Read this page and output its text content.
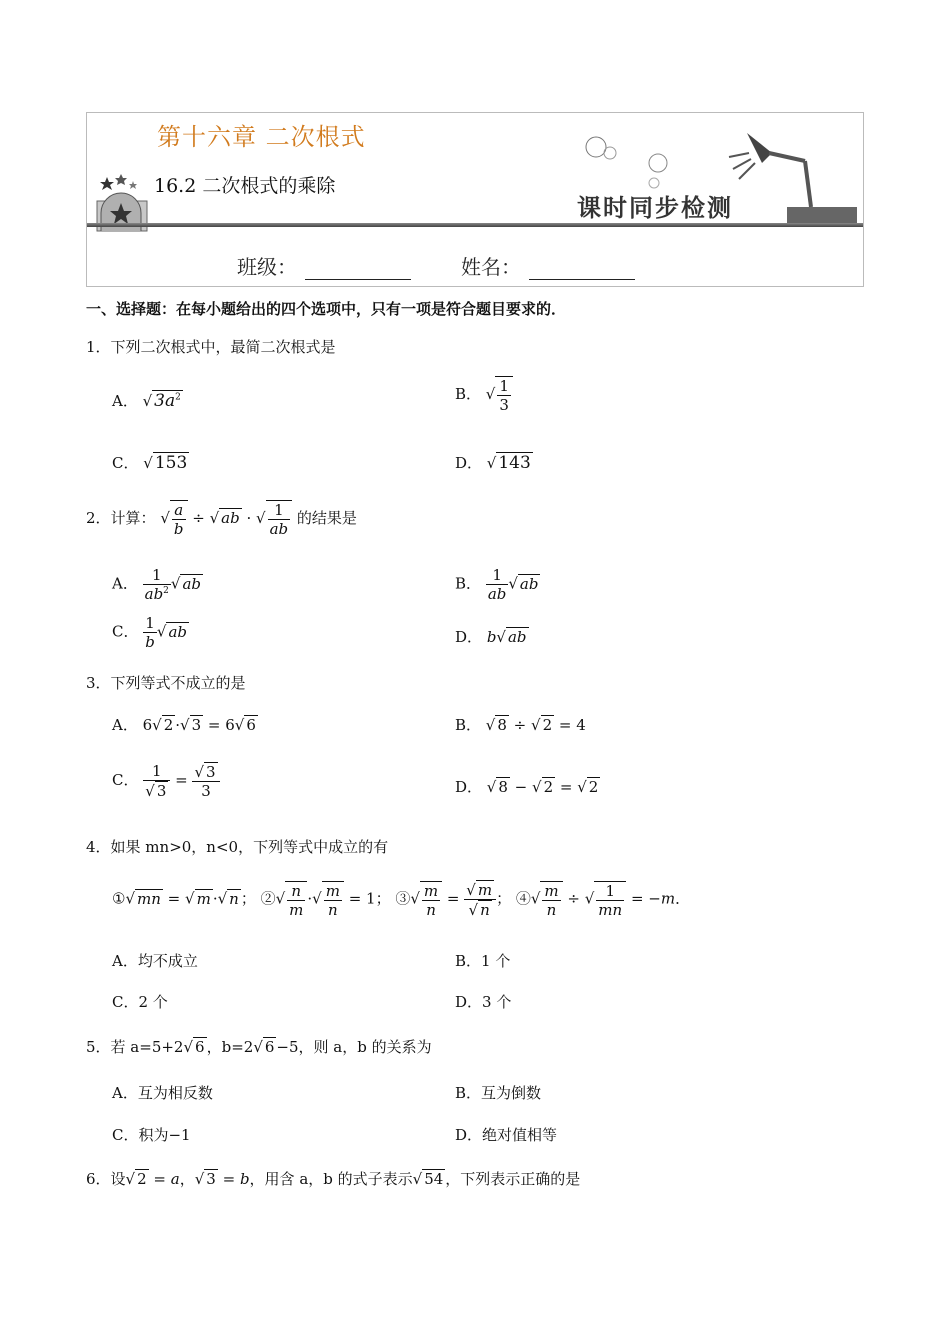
第十六章 二次根式
16.2 二次根式的乘除
课时同步检测
班级：	姓名：
一、选择题：在每小题给出的四个选项中，只有一项是符合题目要求的．
1．下列二次根式中，最简二次根式是
A． √ $3a^2$	B． √ $\frac{1}{3}$
C． √ 153	D． √ 143
2．计算： √ $\frac{a}{b}$ ÷ √ ab · √ $\frac{1}{ab}$ 的结果是
A． $\frac{1}{ab^2}$ √ ab	B． $\frac{1}{ab}$ √ ab
C． $\frac{1}{b}$ √ ab	D． b√ ab
3．下列等式不成立的是
A． 6√ 2 ·√ 3 = 6√ 6	B． √ 8 ÷ √ 2 = 4
C． $\frac{1}{√ 3} = \frac{√ 3}{3}$	D． √ 8 − √ 2 = √ 2
4．如果 mn>0，n<0，下列等式中成立的有
①√ mn = √ m ·√ n ； ②√ $\frac{n}{m}$ ·√ $\frac{m}{n} = 1$； ③√ $\frac{m}{n} = \frac{√ m}{√ n}$ ； ④√ $\frac{m}{n}$ ÷ √ $\frac{1}{mn} = -m$．
A．均不成立	B．1 个
C．2 个	D．3 个
5．若 a=5+2√ 6 ，b=2√ 6 −5，则 a，b 的关系为
A．互为相反数	B．互为倒数
C．积为−1	D．绝对值相等
6．设√ 2 = a，√ 3 = b，用含 a，b 的式子表示√ 54 ，下列表示正确的是
